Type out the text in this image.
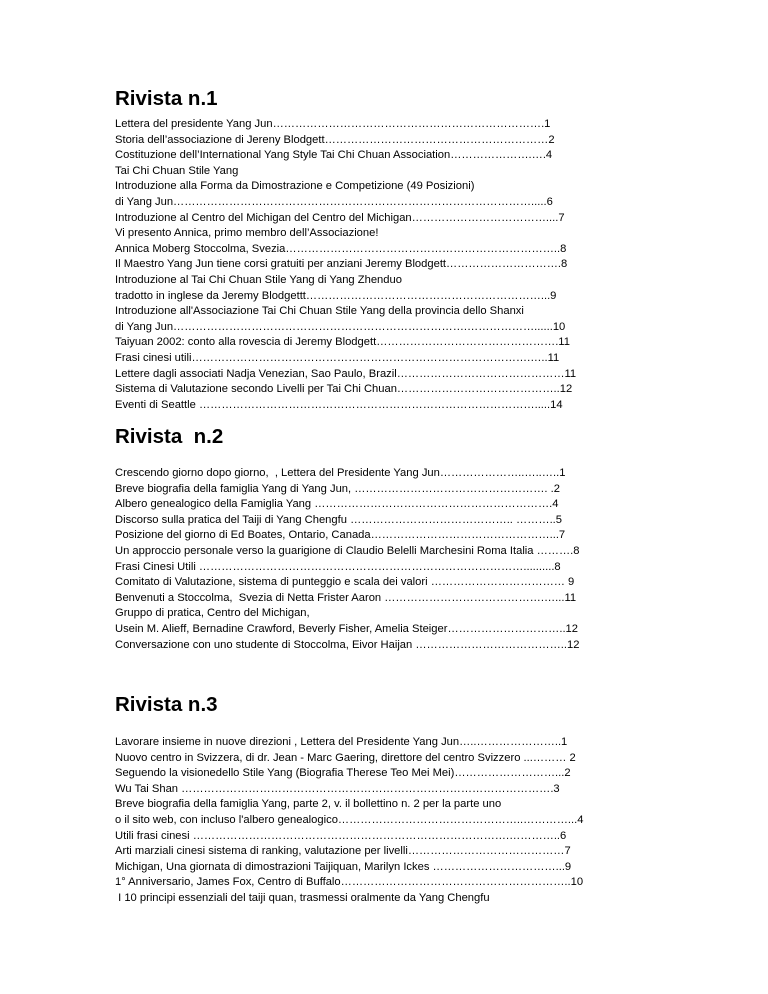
Rivista n.1
Lettera del presidente Yang Jun……………………………………………………………….1
Storia dell’associazione di Jereny Blodgett……………………………………………………2
Costituzione dell’International Yang Style Tai Chi Chuan Association………………….….4
Tai Chi Chuan Stile Yang
Introduzione alla Forma da Dimostrazione e Competizione (49 Posizioni)
di Yang Jun…………………………………………………………………………………….....6
Introduzione al Centro del Michigan del Centro del Michigan………………………………....7
Vi presento Annica, primo membro dell’Associazione!
Annica Moberg Stoccolma, Svezia………………………………………………………………..8
Il Maestro Yang Jun tiene corsi gratuiti per anziani Jeremy Blodgett………………………….8
Introduzione al Tai Chi Chuan Stile Yang di Yang Zhenduo
tradotto in inglese da Jeremy Blodgettt………………………………………………………...9
Introduzione all'Associazione Tai Chi Chuan Stile Yang della provincia dello Shanxi
di Yang Jun…………………………………………………………………….………………......10
Taiyuan 2002: conto alla rovescia di Jeremy Blodgett………………………………………….11
Frasi cinesi utili……………………………………………………………………………….…..11
Lettere dagli associati Nadja Venezian, Sao Paulo, Brazil………………………………………11
Sistema di Valutazione secondo Livelli per Tai Chi Chuan……………………………………..12
Eventi di Seattle ……………………………………………………………………………….....14
Rivista  n.2
Crescendo giorno dopo giorno,  , Lettera del Presidente Yang Jun…………………..…..…..1
Breve biografia della famiglia Yang di Yang Jun, ……………………………………………. .2
Albero genealogico della Famiglia Yang ……………………………………………………….4
Discorso sulla pratica del Taiji di Yang Chengfu …………………………………….. ………..5
Posizione del giorno di Ed Boates, Ontario, Canada…………………………………………...7
Un approccio personale verso la guarigione di Claudio Belelli Marchesini Roma Italia ……….8
Frasi Cinesi Utili ……………………………………………………………………………..........8
Comitato di Valutazione, sistema di punteggio e scala dei valori ……………………………… 9
Benvenuti a Stoccolma,  Svezia di Netta Frister Aaron …………………………………….…...11
Gruppo di pratica, Centro del Michigan,
Usein M. Alieff, Bernadine Crawford, Beverly Fisher, Amelia Steiger…………………………..12
Conversazione con uno studente di Stoccolma, Eivor Haijan …………………………………..12
Rivista n.3
Lavorare insieme in nuove direzioni , Lettera del Presidente Yang Jun…..…………………..1
Nuovo centro in Svizzera, di dr. Jean - Marc Gaering, direttore del centro Svizzero ...……… 2
Seguendo la visionedello Stile Yang (Biografia Therese Teo Mei Mei)………………………...2
Wu Tai Shan ……………………………………………………………………………………….3
Breve biografia della famiglia Yang, parte 2, v. il bollettino n. 2 per la parte uno
o il sito web, con incluso l'albero genealogico…………………………………………..…………...4
Utili frasi cinesi ………………………………………………………………………….…………..6
Arti marziali cinesi sistema di ranking, valutazione per livelli……………………………………7
Michigan, Una giornata di dimostrazioni Taijiquan, Marilyn Ickes ……………………………...9
1° Anniversario, James Fox, Centro di Buffalo……………………………………………………..10
I 10 principi essenziali del taiji quan, trasmessi oralmente da Yang Chengfu
